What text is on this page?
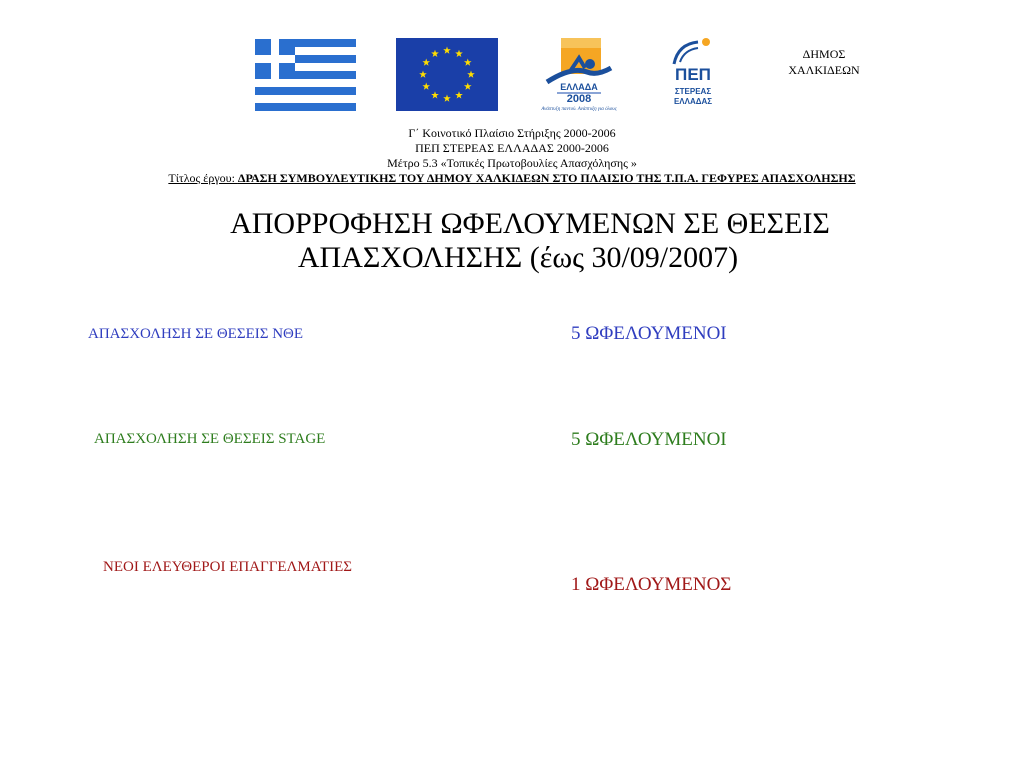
ΕΛΛΑΔΑ
2008
Ανάπτυξη παντού. Ανάπτυξη για όλους
ΠΕΠ
ΣΤΕΡΕΑΣ
ΕΛΛΑΔΑΣ
ΔΗΜΟΣ
ΧΑΛΚΙΔΕΩΝ
Γ΄ Κοινοτικό Πλαίσιο Στήριξης 2000-2006
ΠΕΠ ΣΤΕΡΕΑΣ ΕΛΛΑΔΑΣ 2000-2006
Μέτρο 5.3 «Τοπικές Πρωτοβουλίες Απασχόλησης »
Τίτλος έργου: ΔΡΑΣΗ ΣΥΜΒΟΥΛΕΥΤΙΚΗΣ ΤΟΥ ΔΗΜΟΥ ΧΑΛΚΙΔΕΩΝ ΣΤΟ ΠΛΑΙΣΙΟ ΤΗΣ Τ.Π.Α. ΓΕΦΥΡΕΣ ΑΠΑΣΧΟΛΗΣΗΣ
ΑΠΟΡΡΟΦΗΣΗ ΩΦΕΛΟΥΜΕΝΩΝ ΣΕ ΘΕΣΕΙΣ
ΑΠΑΣΧΟΛΗΣΗΣ (έως 30/09/2007)
ΑΠΑΣΧΟΛΗΣΗ ΣΕ ΘΕΣΕΙΣ ΝΘΕ	5 ΩΦΕΛΟΥΜΕΝΟΙ
ΑΠΑΣΧΟΛΗΣΗ ΣΕ ΘΕΣΕΙΣ STAGE	5 ΩΦΕΛΟΥΜΕΝΟΙ
ΝΕΟΙ ΕΛΕΥΘΕΡΟΙ ΕΠΑΓΓΕΛΜΑΤΙΕΣ
1 ΩΦΕΛΟΥΜΕΝΟΣ
